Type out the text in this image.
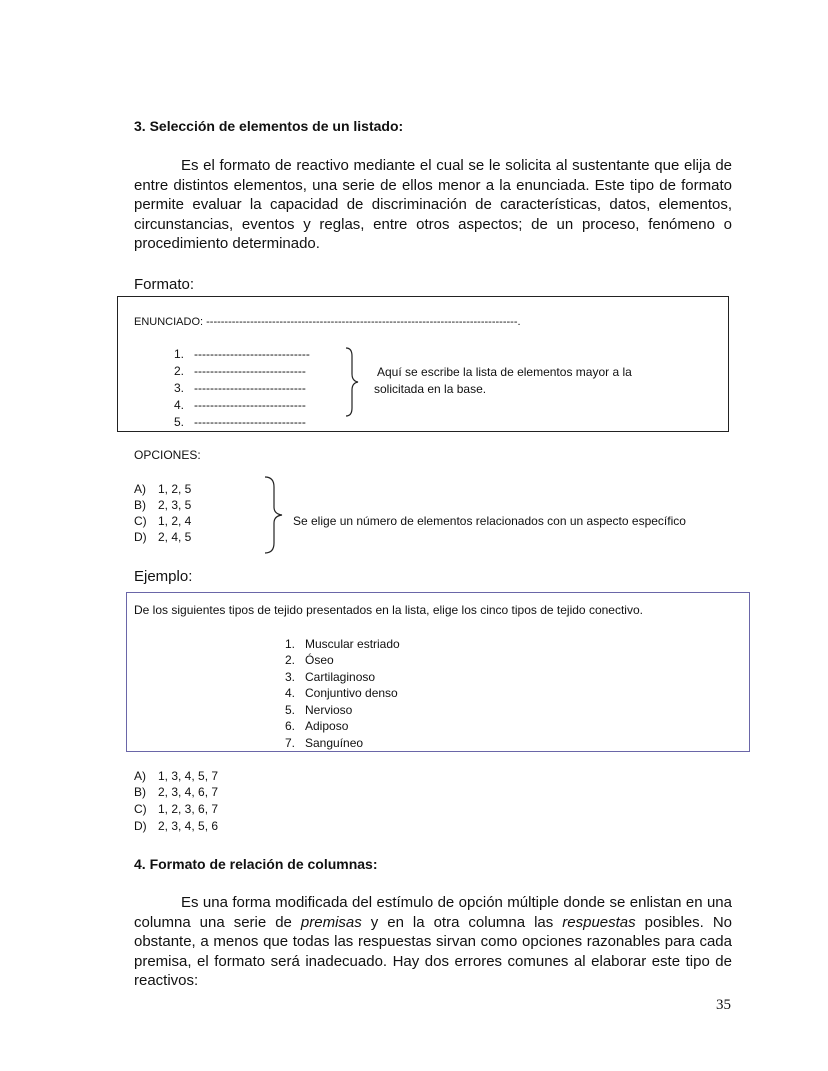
3. Selección de elementos de un listado:
Es el formato de reactivo mediante el cual se le solicita al sustentante que elija de entre distintos elementos, una serie de ellos menor a la enunciada. Este tipo de formato permite evaluar la capacidad de discriminación de características, datos, elementos, circunstancias, eventos y reglas, entre otros aspectos; de un proceso, fenómeno o procedimiento determinado.
Formato:
ENUNCIADO: -------------------------------------------------------------------------------------.
1. -----------------------------
2. ----------------------------
3. ----------------------------
4. ----------------------------
5. ----------------------------
Aquí se escribe la lista de elementos mayor a la
solicitada en la base.
OPCIONES:
A) 1, 2, 5
B) 2, 3, 5
C) 1, 2, 4
D) 2, 4, 5
Se elige un número de elementos relacionados con un aspecto específico
Ejemplo:
De los siguientes tipos de tejido presentados en la lista, elige los cinco tipos de tejido conectivo.
1. Muscular estriado
2. Óseo
3. Cartilaginoso
4. Conjuntivo denso
5. Nervioso
6. Adiposo
7. Sanguíneo
A) 1, 3, 4, 5, 7
B) 2, 3, 4, 6, 7
C) 1, 2, 3, 6, 7
D) 2, 3, 4, 5, 6
4. Formato de relación de columnas:
Es una forma modificada del estímulo de opción múltiple donde se enlistan en una columna una serie de premisas y en la otra columna las respuestas posibles. No obstante, a menos que todas las respuestas sirvan como opciones razonables para cada premisa, el formato será inadecuado. Hay dos errores comunes al elaborar este tipo de reactivos:
35
